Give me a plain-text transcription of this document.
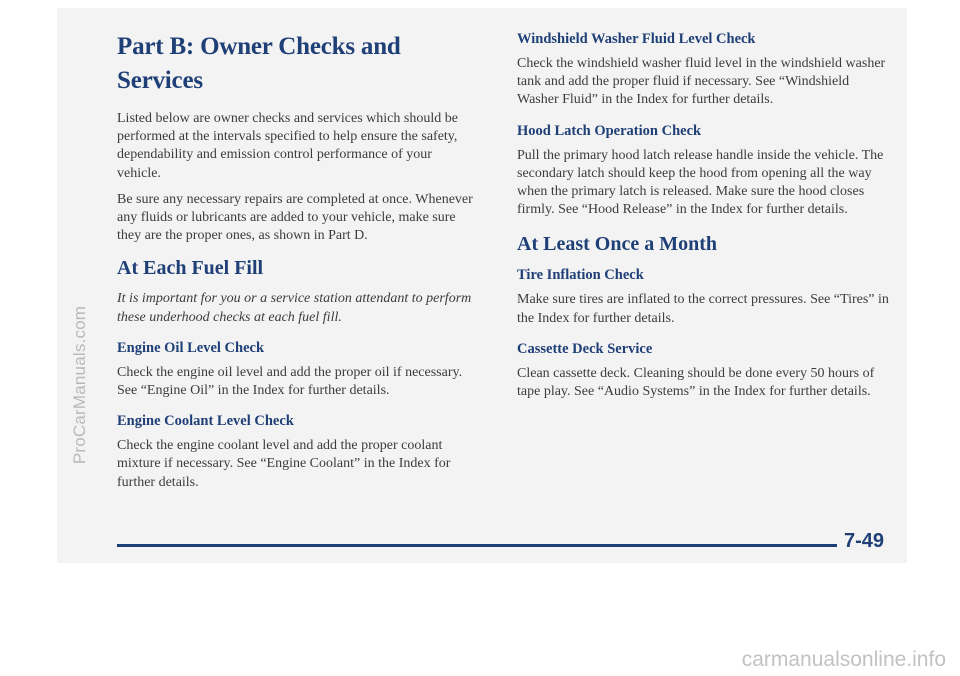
ProCarManuals.com
carmanualsonline.info
Part B: Owner Checks and Services

Listed below are owner checks and services which should be performed at the intervals specified to help ensure the safety, dependability and emission control performance of your vehicle.

Be sure any necessary repairs are completed at once. Whenever any fluids or lubricants are added to your vehicle, make sure they are the proper ones, as shown in Part D.

At Each Fuel Fill

It is important for you or a service station attendant to perform these underhood checks at each fuel fill.

Engine Oil Level Check

Check the engine oil level and add the proper oil if necessary. See “Engine Oil” in the Index for further details.

Engine Coolant Level Check

Check the engine coolant level and add the proper coolant mixture if necessary. See “Engine Coolant” in the Index for further details.

Windshield Washer Fluid Level Check

Check the windshield washer fluid level in the windshield washer tank and add the proper fluid if necessary. See “Windshield Washer Fluid” in the Index for further details.

Hood Latch Operation Check

Pull the primary hood latch release handle inside the vehicle. The secondary latch should keep the hood from opening all the way when the primary latch is released. Make sure the hood closes firmly. See “Hood Release” in the Index for further details.

At Least Once a Month
Tire Inflation Check

Make sure tires are inflated to the correct pressures. See “Tires” in the Index for further details.

Cassette Deck Service

Clean cassette deck. Cleaning should be done every 50 hours of tape play. See “Audio Systems” in the Index for further details.

7-49
